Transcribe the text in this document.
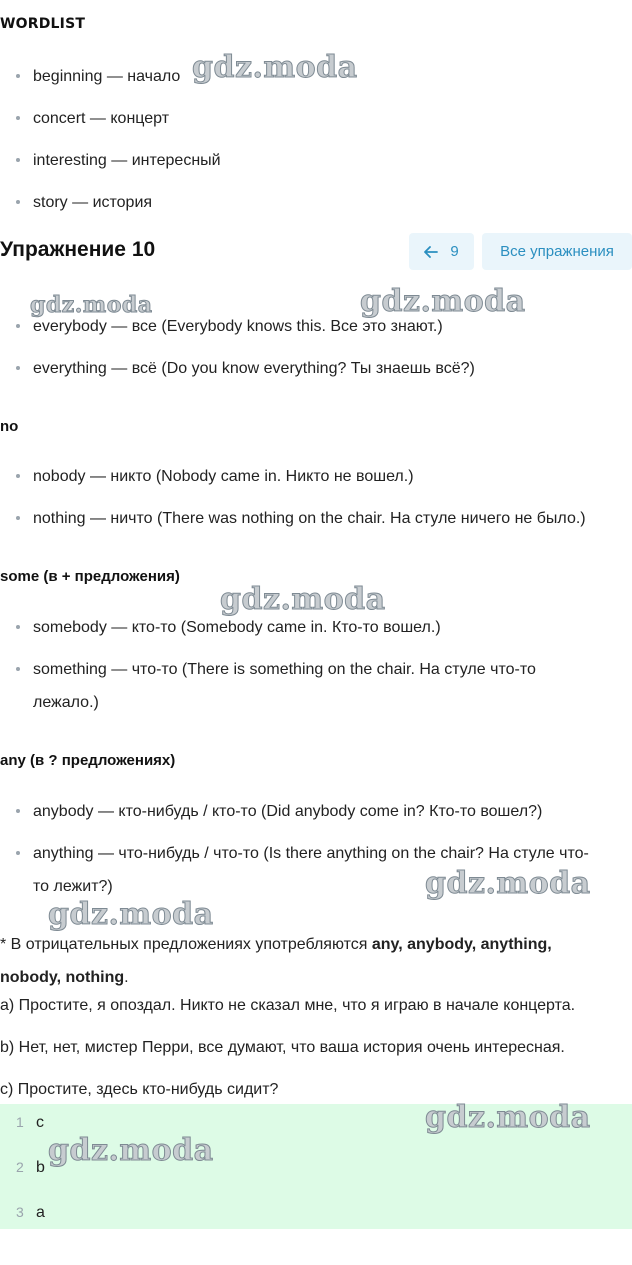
WORDLIST
beginning — начало
concert — концерт
interesting — интересный
story — история
Упражнение 10	9	Все упражнения
everybody — все (Everybody knows this. Все это знают.)
everything — всё (Do you know everything? Ты знаешь всё?)
no
nobody — никто (Nobody came in. Никто не вошел.)
nothing — ничто (There was nothing on the chair. На стуле ничего не было.)
some (в + предложения)
somebody — кто-то (Somebody came in. Кто-то вошел.)
something — что-то (There is something on the chair. На стуле что-то
лежало.)
any (в ? предложениях)
anybody — кто-нибудь / кто-то (Did anybody come in? Кто-то вошел?)
anything — что-нибудь / что-то (Is there anything on the chair? На стуле что-
то лежит?)
* В отрицательных предложениях употребляются any, anybody, anything,
nobody, nothing.
a) Простите, я опоздал. Никто не сказал мне, что я играю в начале концерта.
b) Нет, нет, мистер Перри, все думают, что ваша история очень интересная.
c) Простите, здесь кто-нибудь сидит?
1 c
2 b
3 a
gdz.moda
gdz.moda	gdz.moda
gdz.moda
gdz.moda
gdz.moda
gdz.moda
gdz.moda
